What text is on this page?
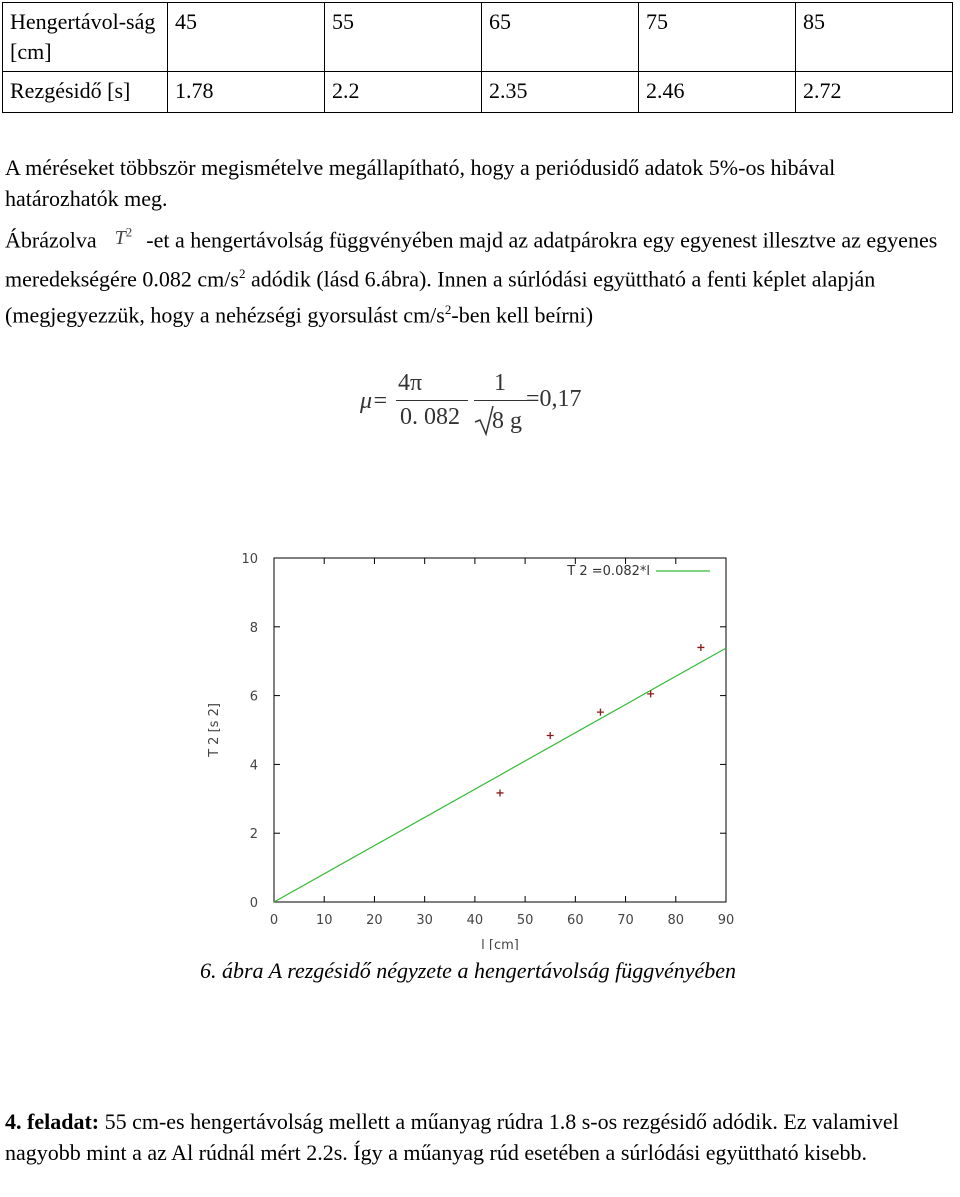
Hengertávol-ság [cm]	45	55	65	75	85
Rezgésidő [s]	1.78	2.2	2.35	2.46	2.72

A méréseket többször megismételve megállapítható, hogy a periódusidő adatok 5%-os hibával határozhatók meg.

Ábrázolva $T^2$ -et a hengertávolság függvényében majd az adatpárokra egy egyenest illesztve az egyenes meredekségére 0.082 $cm/s^2$ adódik (lásd 6.ábra). Innen a súrlódási együttható a fenti képlet alapján (megjegyezzük, hogy a nehézségi gyorsulást $cm/s^2$-ben kell beírni)

μ=
4π
0. 082
1
8 g
=0,17
0	10	20	30	40	50	60	70	80	90
0
2
4
6
8
10
l [cm]
T 2 [s 2]
T 2 =0.082*l

6. ábra A rezgésidő négyzete a hengertávolság függvényében

4. feladat: 55 cm-es hengertávolság mellett a műanyag rúdra 1.8 s-os rezgésidő adódik. Ez valamivel nagyobb mint a az Al rúdnál mért 2.2s. Így a műanyag rúd esetében a súrlódási együttható kisebb.
